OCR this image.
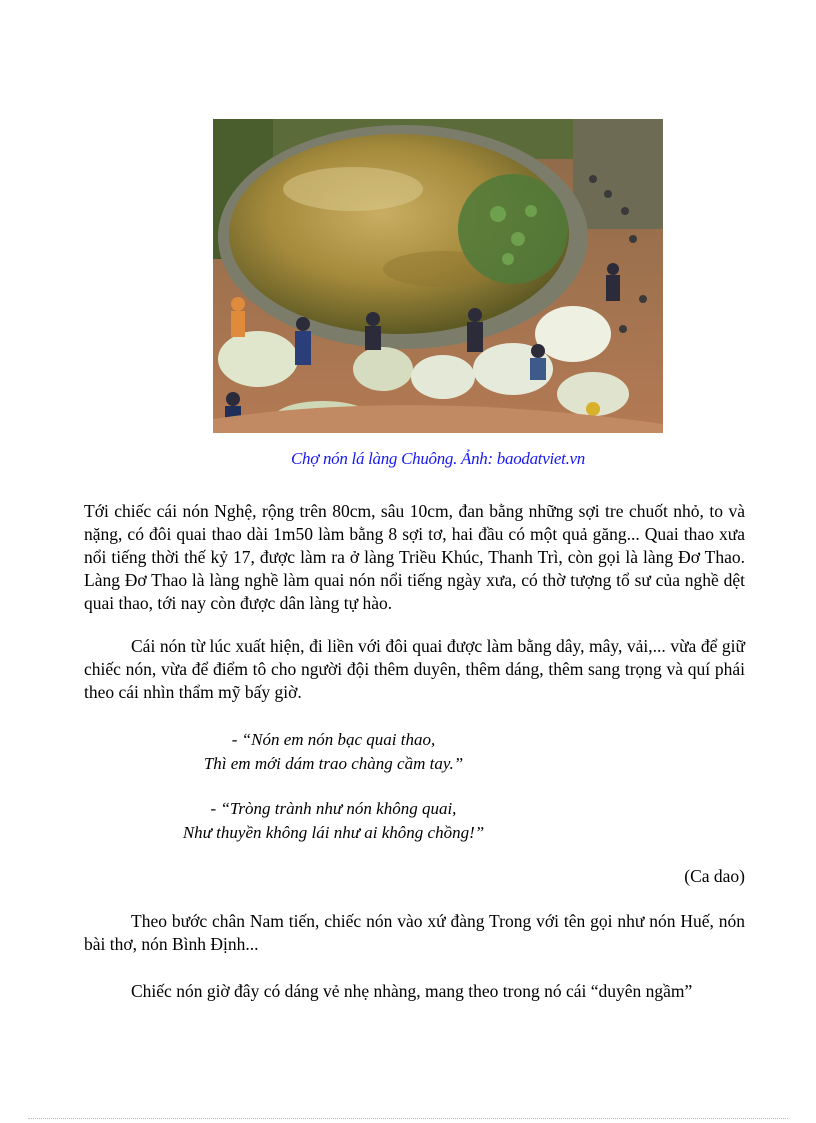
Chợ nón lá làng Chuông. Ảnh: baodatviet.vn

Tới chiếc cái nón Nghệ, rộng trên 80cm, sâu 10cm, đan bằng những sợi tre chuốt nhỏ, to và nặng, có đôi quai thao dài 1m50 làm bằng 8 sợi tơ, hai đầu có một quả găng... Quai thao xưa nổi tiếng thời thế kỷ 17, được làm ra ở làng Triều Khúc, Thanh Trì, còn gọi là làng Đơ Thao. Làng Đơ Thao là làng nghề làm quai nón nổi tiếng ngày xưa, có thờ tượng tổ sư của nghề dệt quai thao, tới nay còn được dân làng tự hào.

Cái nón từ lúc xuất hiện, đi liền với đôi quai được làm bằng dây, mây, vải,... vừa để giữ chiếc nón, vừa để điểm tô cho người đội thêm duyên, thêm dáng, thêm sang trọng và quí phái theo cái nhìn thẩm mỹ bấy giờ.

- “Nón em nón bạc quai thao,
Thì em mới dám trao chàng cầm tay.”
- “Tròng trành như nón không quai,
Như thuyền không lái như ai không chồng!”
(Ca dao)

Theo bước chân Nam tiến, chiếc nón vào xứ đàng Trong với tên gọi như nón Huế, nón bài thơ, nón Bình Định...

Chiếc nón giờ đây có dáng vẻ nhẹ nhàng, mang theo trong nó cái “duyên ngầm”
